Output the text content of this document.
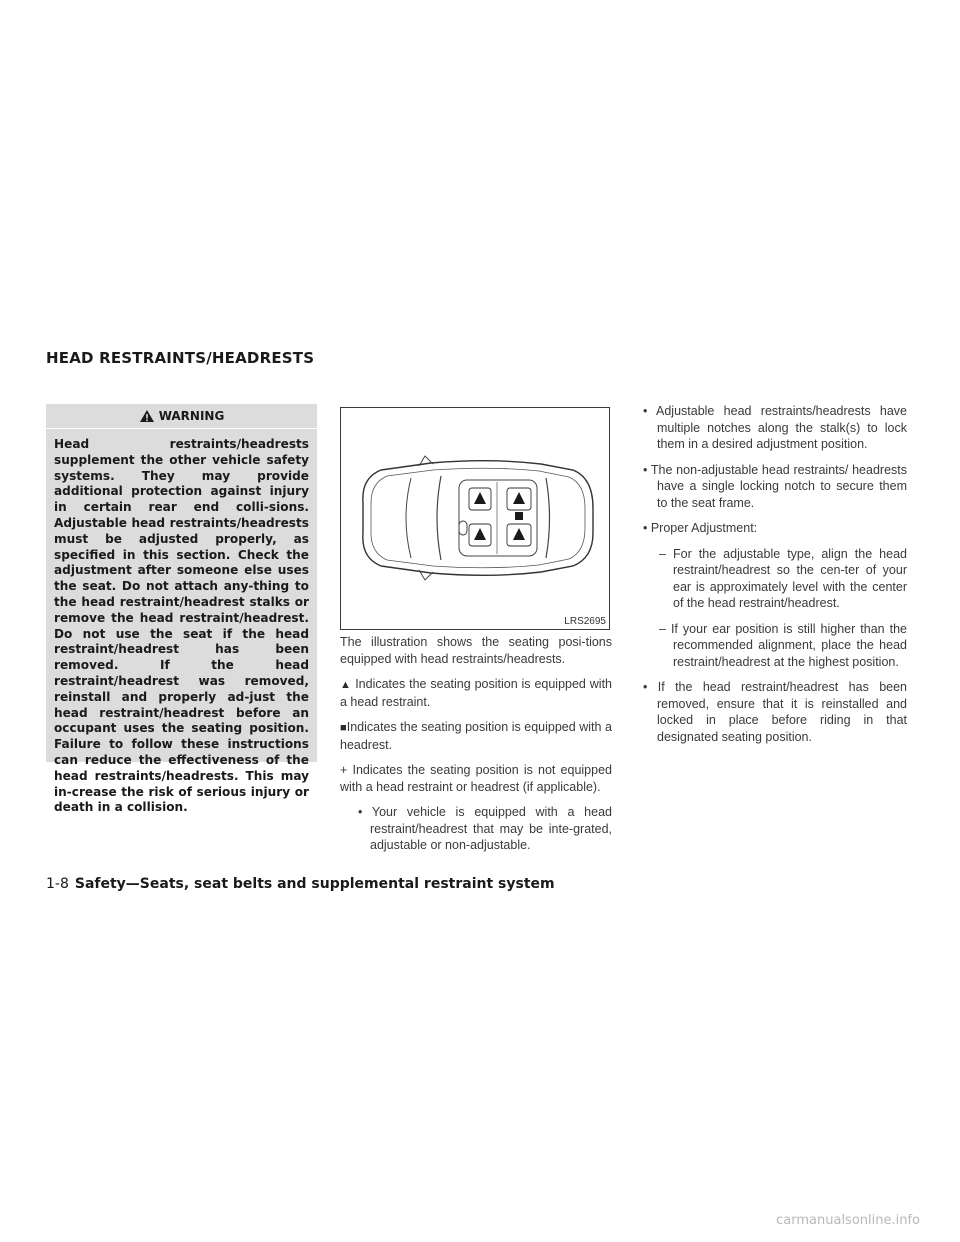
HEAD RESTRAINTS/HEADRESTS
WARNING
Head restraints/headrests supplement the other vehicle safety systems. They may provide additional protection against injury in certain rear end colli-sions. Adjustable head restraints/headrests must be adjusted properly, as specified in this section. Check the adjustment after someone else uses the seat. Do not attach any-thing to the head restraint/headrest stalks or remove the head restraint/headrest. Do not use the seat if the head restraint/headrest has been removed. If the head restraint/headrest was removed, reinstall and properly ad-just the head restraint/headrest before an occupant uses the seating position. Failure to follow these instructions can reduce the effectiveness of the head restraints/headrests. This may in-crease the risk of serious injury or death in a collision.
LRS2695

The illustration shows the seating posi-tions equipped with head restraints/headrests.

▲ Indicates the seating position is equipped with a head restraint.

■Indicates the seating position is equipped with a headrest.

+ Indicates the seating position is not equipped with a head restraint or headrest (if applicable).

• Your vehicle is equipped with a head restraint/headrest that may be inte-grated, adjustable or non-adjustable.

• Adjustable head restraints/headrests have multiple notches along the stalk(s) to lock them in a desired adjustment position.

• The non-adjustable head restraints/ headrests have a single locking notch to secure them to the seat frame.

• Proper Adjustment:

– For the adjustable type, align the head restraint/headrest so the cen-ter of your ear is approximately level with the center of the head restraint/headrest.

– If your ear position is still higher than the recommended alignment, place the head restraint/headrest at the highest position.

• If the head restraint/headrest has been removed, ensure that it is reinstalled and locked in place before riding in that designated seating position.

1-8 Safety—Seats, seat belts and supplemental restraint system
carmanualsonline.info
